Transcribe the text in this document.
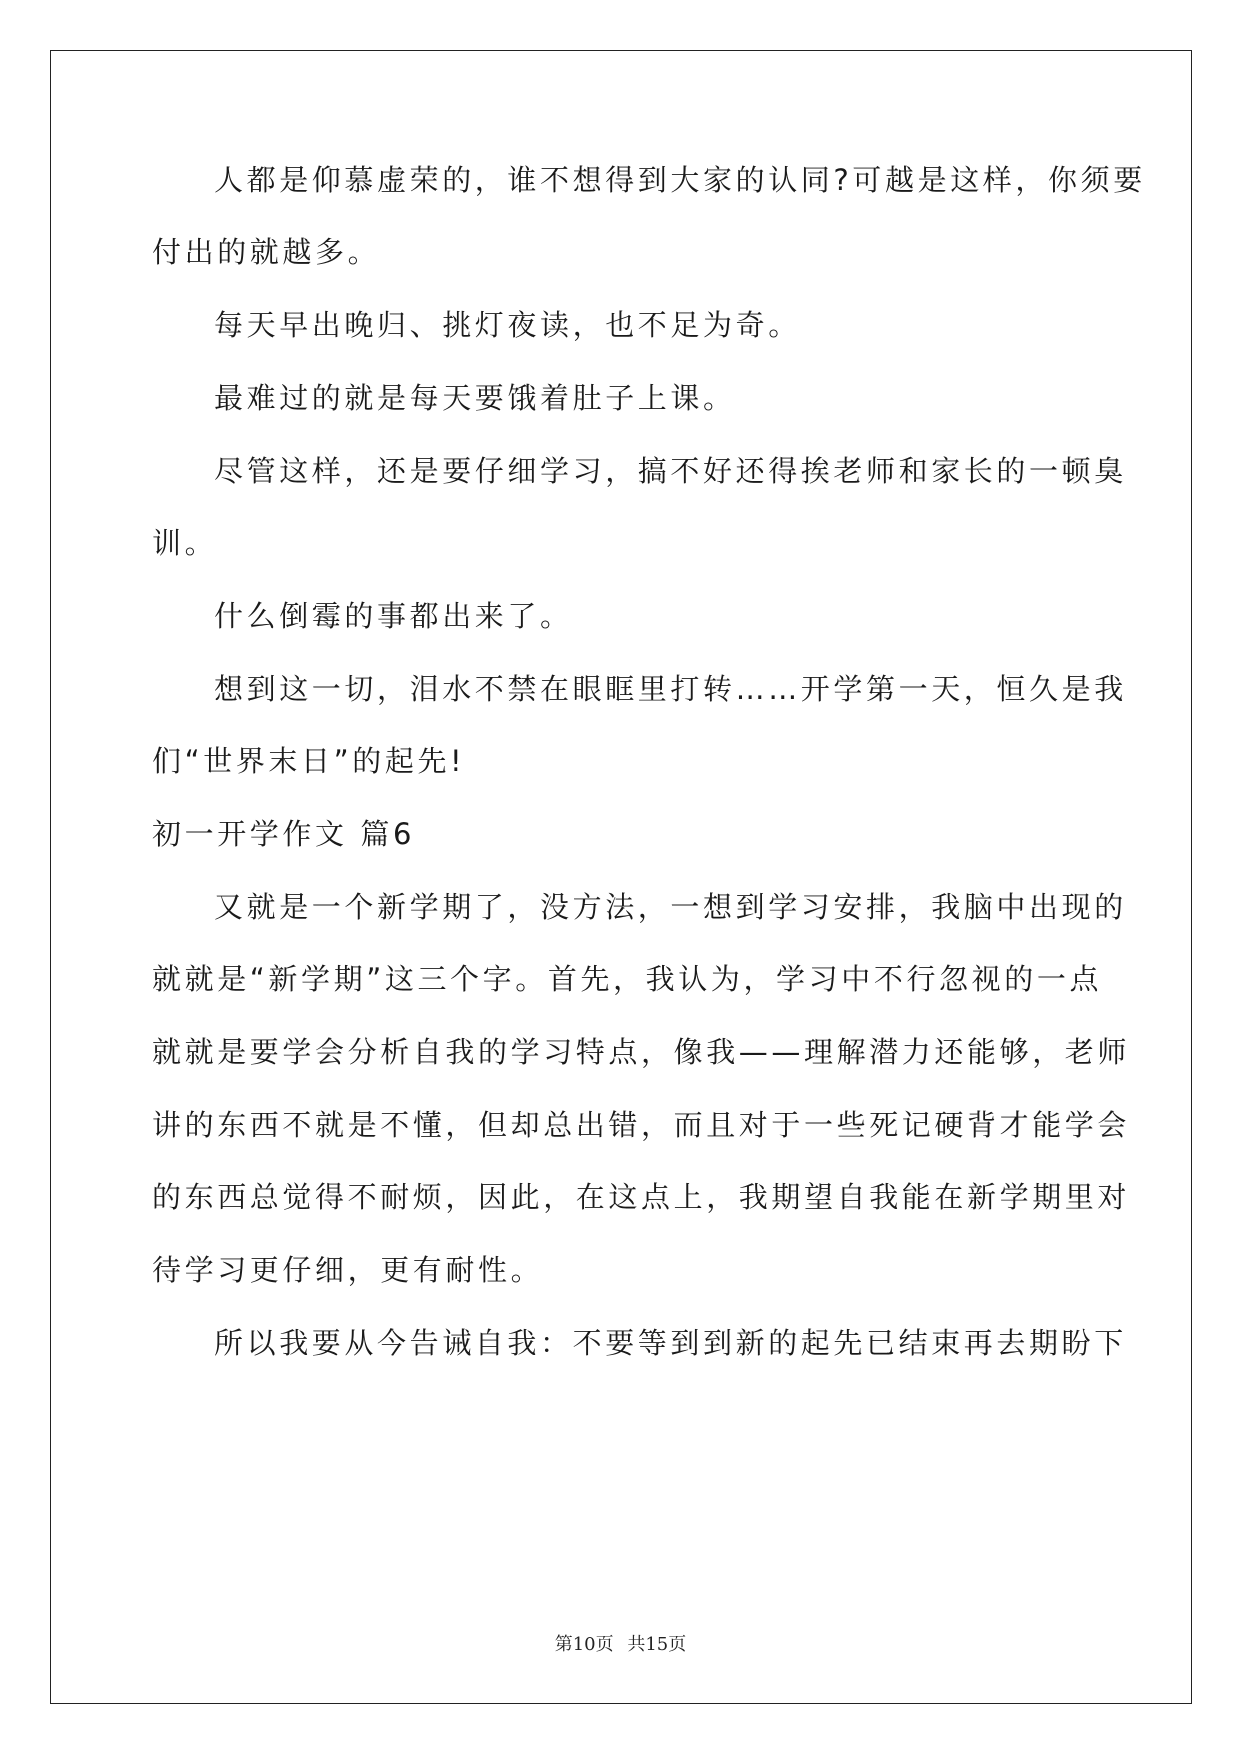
人都是仰慕虚荣的，谁不想得到大家的认同?可越是这样，你须要
付出的就越多。
每天早出晚归、挑灯夜读，也不足为奇。
最难过的就是每天要饿着肚子上课。
尽管这样，还是要仔细学习，搞不好还得挨老师和家长的一顿臭
训。
什么倒霉的事都出来了。
想到这一切，泪水不禁在眼眶里打转……开学第一天，恒久是我
们“世界末日”的起先!
初一开学作文 篇6
又就是一个新学期了，没方法，一想到学习安排，我脑中出现的
就就是“新学期”这三个字。首先，我认为，学习中不行忽视的一点
就就是要学会分析自我的学习特点，像我——理解潜力还能够，老师
讲的东西不就是不懂，但却总出错，而且对于一些死记硬背才能学会
的东西总觉得不耐烦，因此，在这点上，我期望自我能在新学期里对
待学习更仔细，更有耐性。
所以我要从今告诫自我：不要等到到新的起先已结束再去期盼下
第10页 共15页
